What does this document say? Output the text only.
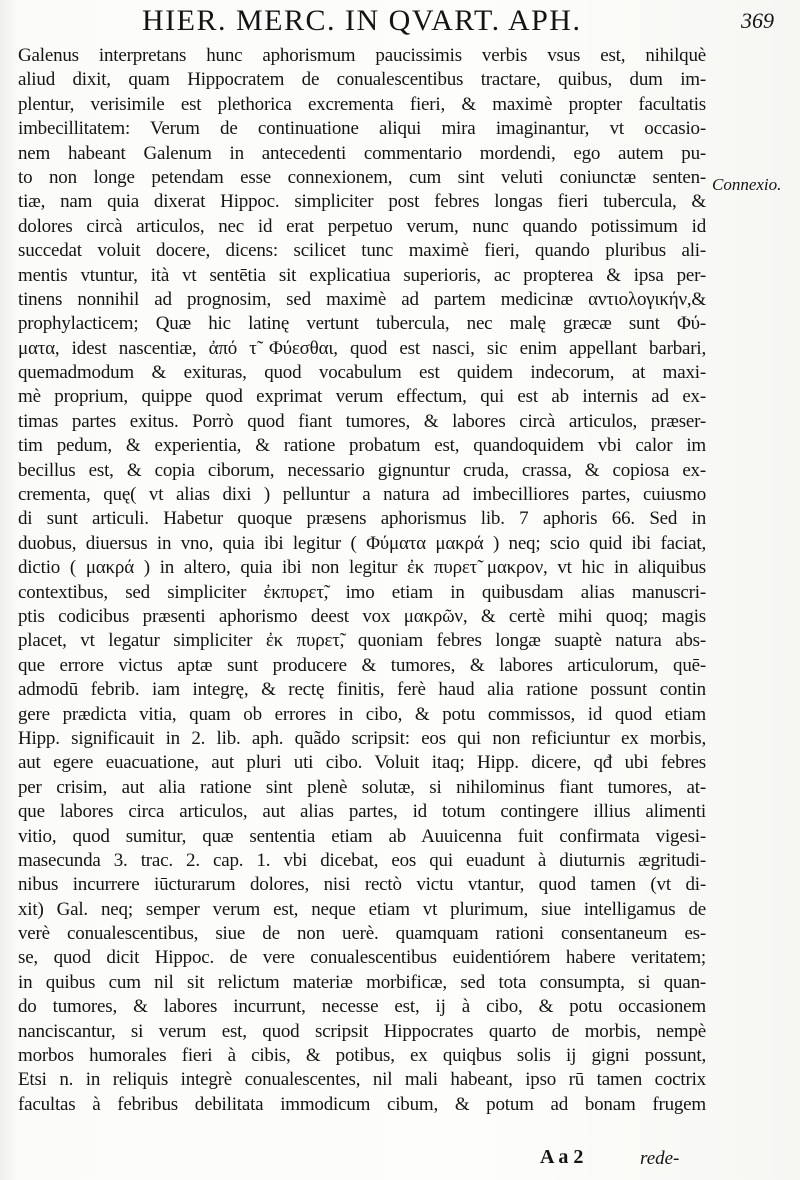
HIER. MERC. IN QVART. APH.	369
Galenus interpretans hunc aphorismum paucissimis verbis vsus est, nihilquè
aliud dixit, quam Hippocratem de conualescentibus tractare, quibus, dum im-
plentur, verisimile est plethorica excrementa fieri, & maximè propter facultatis
imbecillitatem: Verum de continuatione aliqui mira imaginantur, vt occasio-
nem habeant Galenum in antecedenti commentario mordendi, ego autem pu-
to non longe petendam esse connexionem, cum sint veluti coniunctæ senten-
tiæ, nam quia dixerat Hippoc. simpliciter post febres longas fieri tubercula, &
dolores circà articulos, nec id erat perpetuo verum, nunc quando potissimum id
succedat voluit docere, dicens: scilicet tunc maximè fieri, quando pluribus ali-
mentis vtuntur, ità vt sentētia sit explicatiua superioris, ac propterea & ipsa per-
tinens nonnihil ad prognosim, sed maximè ad partem medicinæ αντιολογικήν,&
prophylacticem; Quæ hic latinę vertunt tubercula, nec malę græcæ sunt Φύ-
ματα, idest nascentiæ, ἀπό τ̃ Φύεσθαι, quod est nasci, sic enim appellant barbari,
quemadmodum & exituras, quod vocabulum est quidem indecorum, at maxi-
mè proprium, quippe quod exprimat verum effectum, qui est ab internis ad ex-
timas partes exitus. Porrò quod fiant tumores, & labores circà articulos, præser-
tim pedum, & experientia, & ratione probatum est, quandoquidem vbi calor im
becillus est, & copia ciborum, necessario gignuntur cruda, crassa, & copiosa ex-
crementa, quę( vt alias dixi ) pelluntur a natura ad imbecilliores partes, cuiusmo
di sunt articuli. Habetur quoque præsens aphorismus lib. 7 aphoris 66. Sed in
duobus, diuersus in vno, quia ibi legitur ( Φύματα μακρά ) neq; scio quid ibi faciat,
dictio ( μακρά ) in altero, quia ibi non legitur ἐκ πυρετ̃ μακρον, vt hic in aliquibus
contextibus, sed simpliciter ἐκπυρετ̃, imo etiam in quibusdam alias manuscri-
ptis codicibus præsenti aphorismo deest vox μακρῶν, & certè mihi quoq; magis
placet, vt legatur simpliciter ἐκ πυρετ̃, quoniam febres longæ suaptè natura abs-
que errore victus aptæ sunt producere & tumores, & labores articulorum, quē-
admodū febrib. iam integrę, & rectę finitis, ferè haud alia ratione possunt contin
gere prædicta vitia, quam ob errores in cibo, & potu commissos, id quod etiam
Hipp. significauit in 2. lib. aph. quãdo scripsit: eos qui non reficiuntur ex morbis,
aut egere euacuatione, aut pluri uti cibo. Voluit itaq; Hipp. dicere, qđ ubi febres
per crisim, aut alia ratione sint plenè solutæ, si nihilominus fiant tumores, at-
que labores circa articulos, aut alias partes, id totum contingere illius alimenti
vitio, quod sumitur, quæ sententia etiam ab Auuicenna fuit confirmata vigesi-
masecunda 3. trac. 2. cap. 1. vbi dicebat, eos qui euadunt à diuturnis ægritudi-
nibus incurrere iūcturarum dolores, nisi rectò victu vtantur, quod tamen (vt di-
xit) Gal. neq; semper verum est, neque etiam vt plurimum, siue intelligamus de
verè conualescentibus, siue de non uerè. quamquam rationi consentaneum es-
se, quod dicit Hippoc. de vere conualescentibus euidentiórem habere veritatem;
in quibus cum nil sit relictum materiæ morbificæ, sed tota consumpta, si quan-
do tumores, & labores incurrunt, necesse est, ij à cibo, & potu occasionem
nanciscantur, si verum est, quod scripsit Hippocrates quarto de morbis, nempè
morbos humorales fieri à cibis, & potibus, ex quiqbus solis ij gigni possunt,
Etsi n. in reliquis integrè conualescentes, nil mali habeant, ipso rū tamen coctrix
facultas à febribus debilitata immodicum cibum, & potum ad bonam frugem
Connexio.
A a 2	rede-
